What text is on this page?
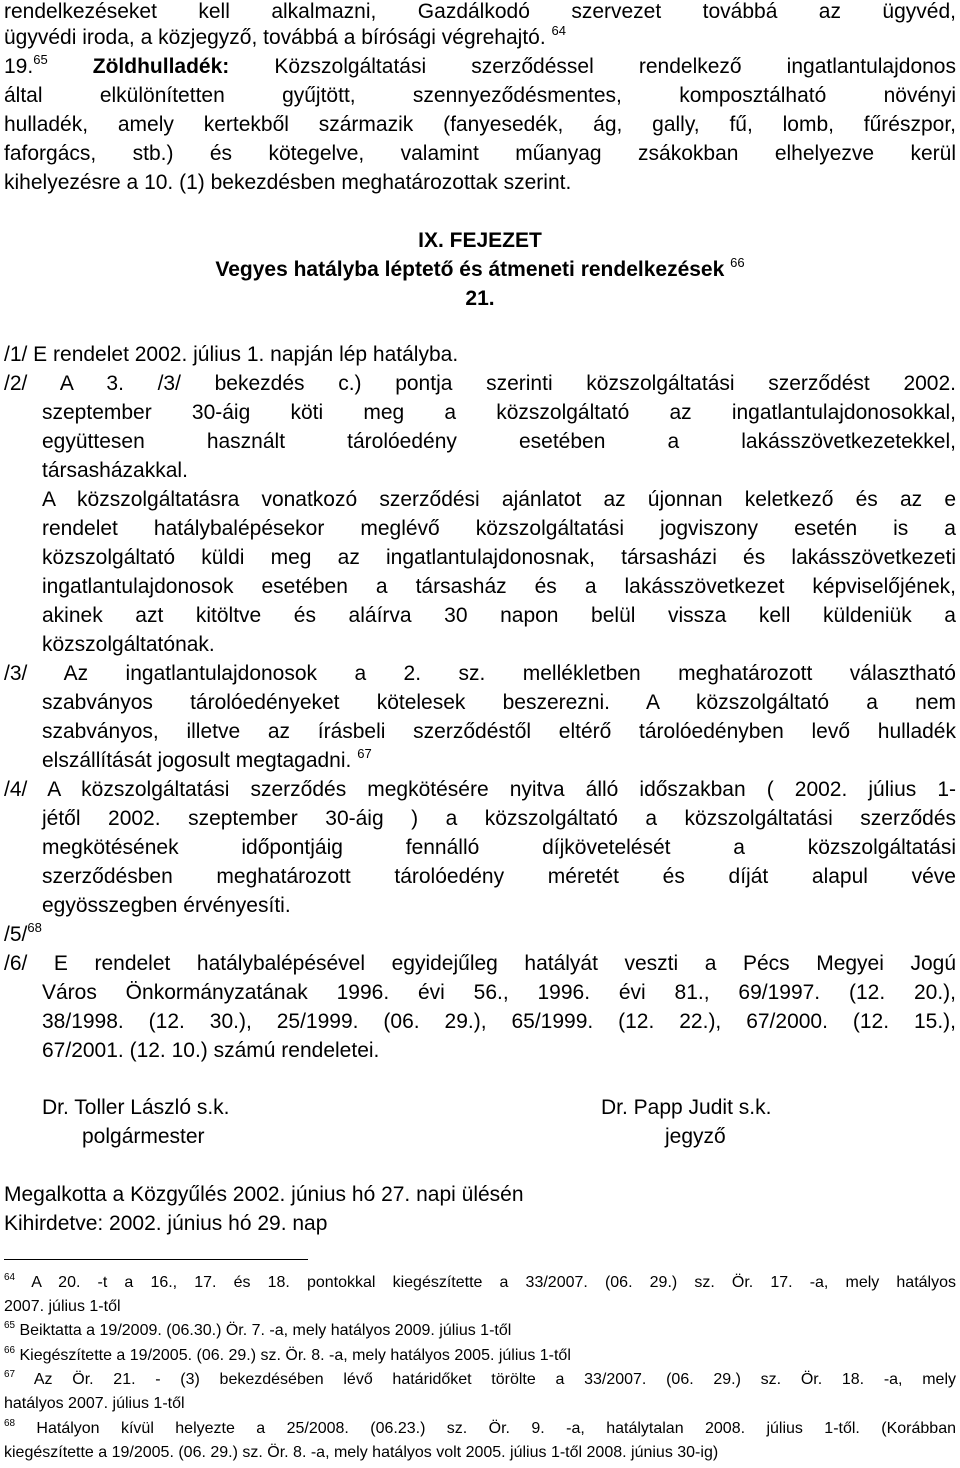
rendelkezéseket kell alkalmazni, Gazdálkodó szervezet továbbá az ügyvéd,

ügyvédi iroda, a közjegyző, továbbá a bírósági végrehajtó. $^{64}$

19.65 Zöldhulladék: Közszolgáltatási szerződéssel rendelkező ingatlantulajdonos

által elkülönítetten gyűjtött, szennyeződésmentes, komposztálható növényi

hulladék, amely kertekből származik (fanyesedék, ág, gally, fű, lomb, fűrészpor,

faforgács, stb.) és kötegelve, valamint műanyag zsákokban elhelyezve kerül

kihelyezésre a 10. (1) bekezdésben meghatározottak szerint.

IX. FEJEZET

Vegyes hatályba léptető és átmeneti rendelkezések $^{66}$

21.

/1/ E rendelet 2002. július 1. napján lép hatályba.

/2/ A 3. /3/ bekezdés c.) pontja szerinti közszolgáltatási szerződést 2002.

szeptember 30-áig köti meg a közszolgáltató az ingatlantulajdonosokkal,

együttesen használt tárolóedény esetében a lakásszövetkezetekkel,

társasházakkal.

A közszolgáltatásra vonatkozó szerződési ajánlatot az újonnan keletkező és az e

rendelet hatálybalépésekor meglévő közszolgáltatási jogviszony esetén is a

közszolgáltató küldi meg az ingatlantulajdonosnak, társasházi és lakásszövetkezeti

ingatlantulajdonosok esetében a társasház és a lakásszövetkezet képviselőjének,

akinek azt kitöltve és aláírva 30 napon belül vissza kell küldeniük a

közszolgáltatónak.

/3/ Az ingatlantulajdonosok a 2. sz. mellékletben meghatározott választható

szabványos tárolóedényeket kötelesek beszerezni. A közszolgáltató a nem

szabványos, illetve az írásbeli szerződéstől eltérő tárolóedényben levő hulladék

elszállítását jogosult megtagadni. $^{67}$

/4/ A közszolgáltatási szerződés megkötésére nyitva álló időszakban ( 2002. július 1-

jétől 2002. szeptember 30-áig ) a közszolgáltató a közszolgáltatási szerződés

megkötésének időpontjáig fennálló díjkövetelését a közszolgáltatási

szerződésben meghatározott tárolóedény méretét és díját alapul véve

egyösszegben érvényesíti.

/5/$^{68}$

/6/ E rendelet hatálybalépésével egyidejűleg hatályát veszti a Pécs Megyei Jogú

Város Önkormányzatának 1996. évi 56., 1996. évi 81., 69/1997. (12. 20.),

38/1998. (12. 30.), 25/1999. (06. 29.), 65/1999. (12. 22.), 67/2000. (12. 15.),

67/2001. (12. 10.) számú rendeletei.

Dr. Toller László s.k.

polgármester

Dr. Papp Judit s.k.

jegyző

Megalkotta a Közgyűlés 2002. június hó 27. napi ülésén

Kihirdetve: 2002. június hó 29. nap

$^{64}$ A 20. -t a 16., 17. és 18. pontokkal kiegészítette a 33/2007. (06. 29.) sz. Ör. 17. -a, mely hatályos

2007. július 1-től

$^{65}$ Beiktatta a 19/2009. (06.30.) Ör. 7. -a, mely hatályos 2009. július 1-től

$^{66}$ Kiegészítette a 19/2005. (06. 29.) sz. Ör. 8. -a, mely hatályos 2005. július 1-től

$^{67}$ Az Ör. 21. - (3) bekezdésében lévő határidőket törölte a 33/2007. (06. 29.) sz. Ör. 18. -a, mely

hatályos 2007. július 1-től

$^{68}$ Hatályon kívül helyezte a 25/2008. (06.23.) sz. Ör. 9. -a, hatálytalan 2008. július 1-től. (Korábban

kiegészítette a 19/2005. (06. 29.) sz. Ör. 8. -a, mely hatályos volt 2005. július 1-től 2008. június 30-ig)
